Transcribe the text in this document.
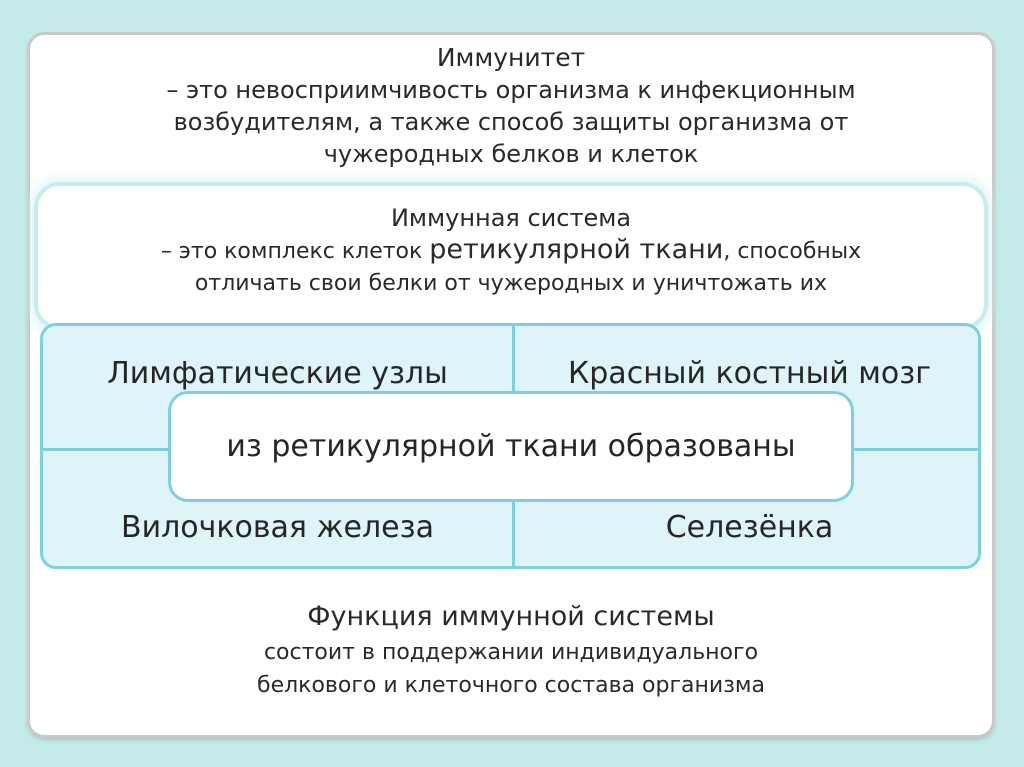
Иммунитет
– это невосприимчивость организма к инфекционным
возбудителям, а также способ защиты организма от
чужеродных белков и клеток
Иммунная система
– это комплекс клеток ретикулярной ткани, способных
отличать свои белки от чужеродных и уничтожать их
Лимфатические узлы	Красный костный мозг
Вилочковая железа	Селезёнка
из ретикулярной ткани образованы
Функция иммунной системы
состоит в поддержании индивидуального
белкового и клеточного состава организма
